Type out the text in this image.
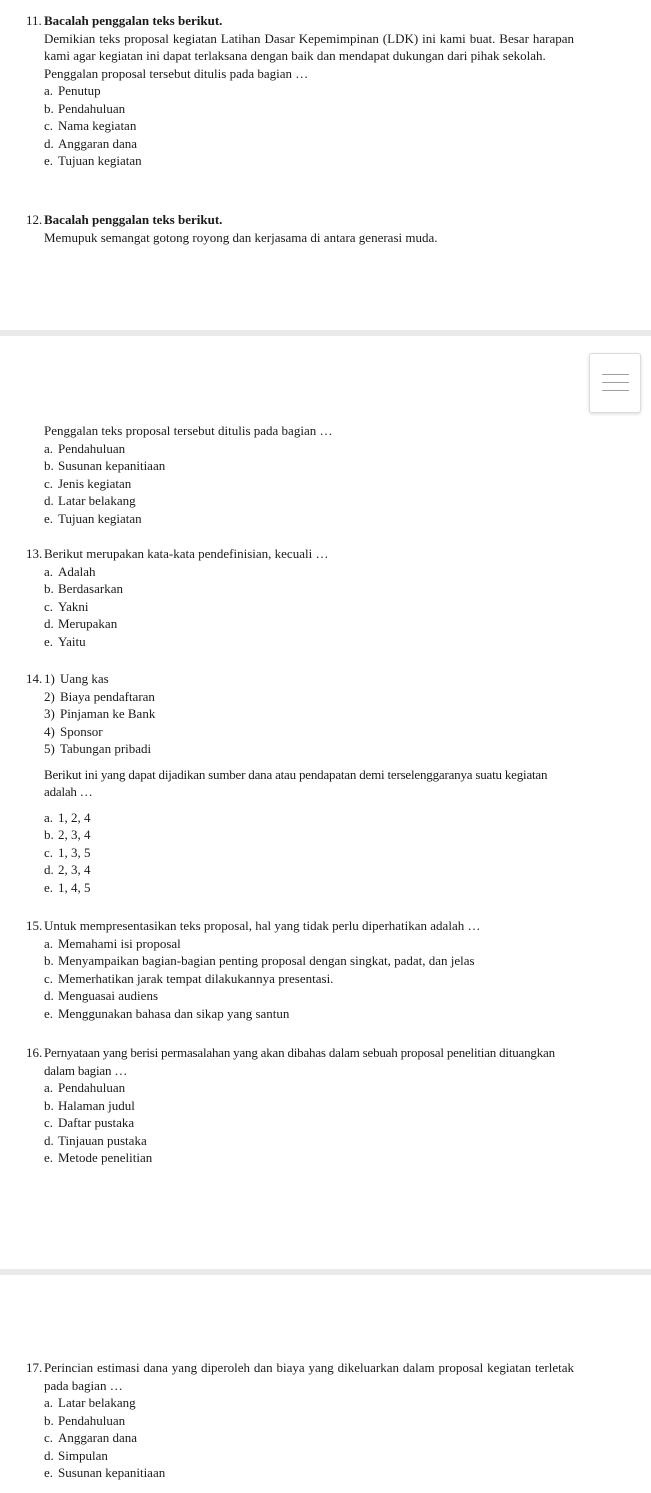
11. Bacalah penggalan teks berikut.
Demikian teks proposal kegiatan Latihan Dasar Kepemimpinan (LDK) ini kami buat. Besar harapan kami agar kegiatan ini dapat terlaksana dengan baik dan mendapat dukungan dari pihak sekolah.
Penggalan proposal tersebut ditulis pada bagian …
a. Penutup
b. Pendahuluan
c. Nama kegiatan
d. Anggaran dana
e. Tujuan kegiatan
12. Bacalah penggalan teks berikut.
Memupuk semangat gotong royong dan kerjasama di antara generasi muda.
Penggalan teks proposal tersebut ditulis pada bagian …
a. Pendahuluan
b. Susunan kepanitiaan
c. Jenis kegiatan
d. Latar belakang
e. Tujuan kegiatan
13. Berikut merupakan kata-kata pendefinisian, kecuali …
a. Adalah
b. Berdasarkan
c. Yakni
d. Merupakan
e. Yaitu
14. 1) Uang kas
2) Biaya pendaftaran
3) Pinjaman ke Bank
4) Sponsor
5) Tabungan pribadi
Berikut ini yang dapat dijadikan sumber dana atau pendapatan demi terselenggaranya suatu kegiatan adalah …
a. 1, 2, 4
b. 2, 3, 4
c. 1, 3, 5
d. 2, 3, 4
e. 1, 4, 5
15. Untuk mempresentasikan teks proposal, hal yang tidak perlu diperhatikan adalah …
a. Memahami isi proposal
b. Menyampaikan bagian-bagian penting proposal dengan singkat, padat, dan jelas
c. Memerhatikan jarak tempat dilakukannya presentasi.
d. Menguasai audiens
e. Menggunakan bahasa dan sikap yang santun
16. Pernyataan yang berisi permasalahan yang akan dibahas dalam sebuah proposal penelitian dituangkan dalam bagian …
a. Pendahuluan
b. Halaman judul
c. Daftar pustaka
d. Tinjauan pustaka
e. Metode penelitian
17. Perincian estimasi dana yang diperoleh dan biaya yang dikeluarkan dalam proposal kegiatan terletak pada bagian …
a. Latar belakang
b. Pendahuluan
c. Anggaran dana
d. Simpulan
e. Susunan kepanitiaan
